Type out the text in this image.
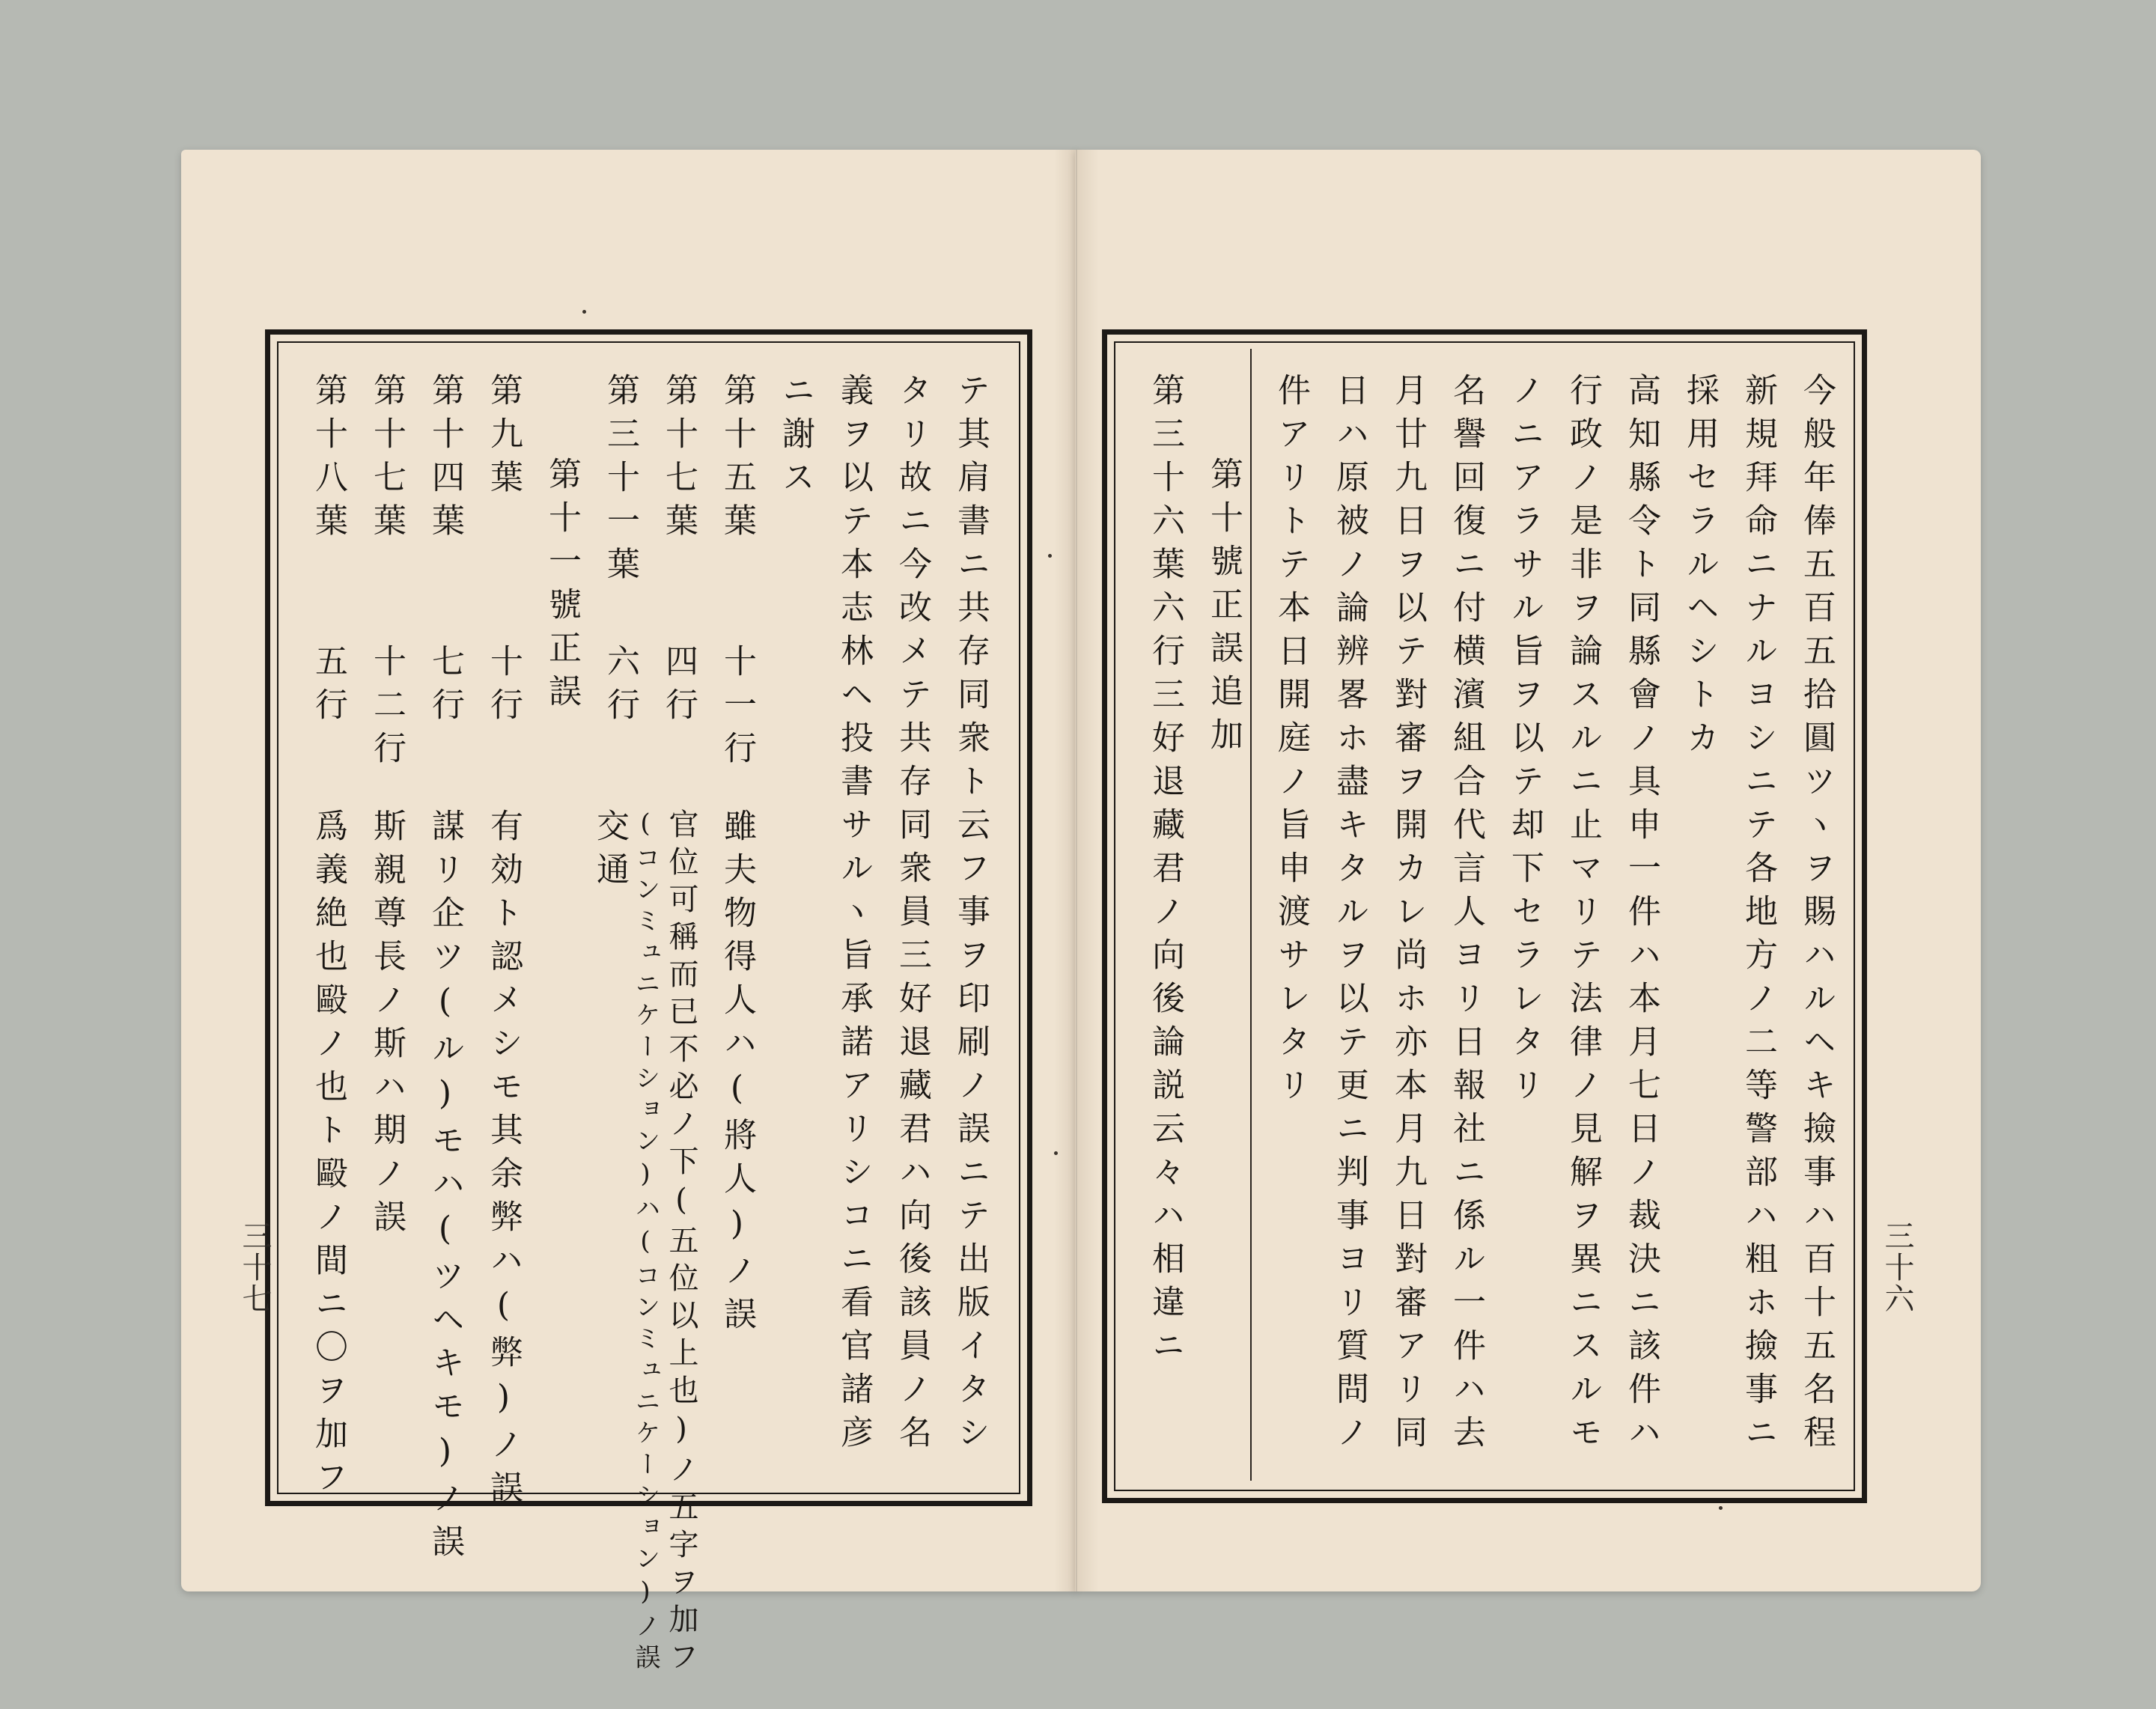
今般年俸五百五拾圓ツヽヲ賜ハルヘキ撿事ハ百十五名程
新規拜命ニナルヨシニテ各地方ノ二等警部ハ粗ホ撿事ニ
採用セラルヘシトカ
高知縣令ト同縣會ノ具申一件ハ本月七日ノ裁決ニ該件ハ
行政ノ是非ヲ論スルニ止マリテ法律ノ見解ヲ異ニスルモ
ノニアラサル旨ヲ以テ却下セラレタリ
名譽回復ニ付横濱組合代言人ヨリ日報社ニ係ル一件ハ去
月廿九日ヲ以テ對審ヲ開カレ尚ホ亦本月九日對審アリ同
日ハ原被ノ論辨畧ホ盡キタルヲ以テ更ニ判事ヨリ質問ノ
件アリトテ本日開庭ノ旨申渡サレタリ
第十號正誤追加
第三十六葉六行三好退藏君ノ向後論説云々ハ相違ニ	三十六
テ其肩書ニ共存同衆ト云フ事ヲ印刷ノ誤ニテ出版イタシ
タリ故ニ今改メテ共存同衆員三好退藏君ハ向後該員ノ名
義ヲ以テ本志林ヘ投書サルヽ旨承諾アリシコニ看官諸彦
ニ謝ス
第十五葉
十一行
雖夫物得人ハ(將人)ノ誤
第十七葉
四行
官位可稱而已不必ノ下(五位以上也)ノ五字ヲ加フ
(コンミュニケーション)ハ(コンミュニケーション)ノ誤
第三十一葉
六行
交通
第十一號正誤
第九葉
十行
有効ト認メシモ其余弊ハ(弊)ノ誤
第十四葉
七行
謀リ企ツ(ル)モハ(ツヘキモ)ノ誤
第十七葉
十二行
斯親尊長ノ斯ハ期ノ誤
第十八葉
五行
爲義絶也毆ノ也ト毆ノ間ニ〇ヲ加フ
三十七
